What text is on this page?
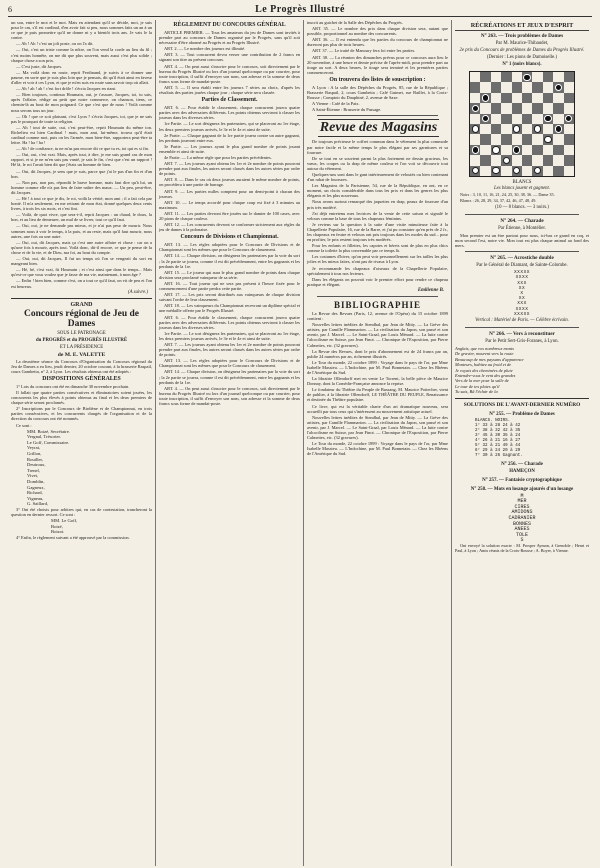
6	Le Progrès Illustré

un sou, entre le mot et le mot. Mais en attendant qu'il se décide, moi, je suis pour le cas, s'il est cardinal, d'en avoir fait si peu, nous sommes faits un an à un ce que je puis promettre qu'il ne donne ni y a bientôt trois ans. Je vais le la contre.

— Ah ! Ah ! c'est un joli poste, ou on l'a dit.

— Oui, c'est un triste comme la nôtre, on l'on vend la corde au lieu du fil ; c'est moins honnête, on me dit que plus souvent, mais aussi c'est plus solide ; chaque chose a son prix.

— C'est juste, dit Jacques.

— Ma voilà donc en route, reprit Ferdinand, je suivis à ce donner une paume, en sorte que je suis plus loin que je pensais, dit qu'il était ainsi en faveur d'aller et voir à ces Lyon, et que je m'en suis en route sans savoir trop où allait.

— Ah ! ah ! ah ! c'est fort drôle ! s'écria Jacques en riant.

— Bien toujours, continua Houmain, oui, je t'assure, Jacques, toi, tu sais, après l'affaire, rédige au petit que notre commerce, on chanson, tiens, ce chemin-là au bout de mon poignard. Ce que c'est que de nous ! Voilà comme nous serons tous un jour.

— Oh ! que ce soit plaisant, c'est Lyon ? s'écria Jacques, toi, que je ne sais pas le pourquoi de toute ta religion.

— Ah ! tout de suite, oui, c'est peut-être, reprit Houmain du même ton. Richelieu est bien Cardinal ! mais, mon ami, lui-même, trouva qu'il était cardinal comme moi, puis on les l'armée, mon bien-être, rapportera peut-être ta lettre. Ha ! ha ! ha !

— Ah ! de confiance, tu ne m'as pas encore dit ce que tu es, toi qui es si fin.

— Oui, oui, c'est vrai. Mais, après tout, à dire, je me suis grand cas de mon rapport, et si je ne m'en suis pas vanté, je sais le fin, c'est que c'est un rapport ! Hé là, le roi l'avait bien dit que j'étais un homme de bien.

— Oui, dit Jacques, je sens que je suis, parce que j'ai le pas d'un fin et d'un bon.

— Non pas, non pas, répondit le brave homme, mais faut dire qu'à lui, un homme comme elle n'a pas lieu de faire naître des maux. — Un peu, peut-être, dit Jacques.

— Hé ! à tout ce que je dis, le roi, voilà la vérité, mon ami ; il a fait cela par bonté. Il m'a seulement, en me retirant de mon état, donné quelques deux cents livres, à trois les six mois, et c'est fini.

— Voilà, de quoi vivre, que sera-t-il, reprit Jacques : un chaud, le doux, la bon, et au lieu de demeurer, un mal de se livrer, tout ce qu'il faut.

— Oui, oui, je ne demande pas mieux, et je n'ai pas peur de mourir. Nous sommes nous à voir le temps, à la paix, et au reste, mais qu'il faut mourir, nous autres, une fois ou une autre.

— Oui, oui, dit Jacques, mais ça c'est une autre affaire et chose : car on a qu'une fois à mourir, après tout. Voilà donc, dit-il encore, ce que je pense de la chose et de la vie, et de Dieu, ma foi, au bout du compte.

— Oui, oui, dit Jacques, Il fut un temps où l'on se vengeait du sort en mangeant bien.

— Hé, hé, c'est vrai, fit Houmain ; et c'est ainsi que dans le temps... Mais qu'est-ce que vous voulez que je fasse de ma vie, maintenant, à mon âge ?

— Enfin ! bien bien, comme c'est, on a tout ce qu'il faut, on vit de peu et l'on est heureux.

(A suivre.)
GRAND
Concours régional de Jeu de Dames
SOUS LE PATRONAGE
du PROGRÈS et du PROGRÈS ILLUSTRÉ
ET LA PRÉSIDENCE
de M. E. VALETTE

La deuxième séance du Concours d'Organisation du Concours régional du Jeu de Dames a eu lieu, jeudi dernier, 20 octobre courant, à la brasserie Raspail, cours Gambetta, n° 2, à Lyon. Les résultats obtenus ont été adoptés :

DISPOSITIONS GÉNÉRALES

1° Lots du concours ont été en dimanche 30 novembre prochain.

Il fallait que quatre parties consécutives et éliminatoires soient jouées, les concurrents les plus élevés à points obtenus au final et les deux premiers de chaque série seront proclamés.

2° Inscriptions par le Concours de Birdiène et de Championnat, en trois parties consécutives, et les concurrents chargés de l'organisation et de la direction du concours ont été nommés.

Ce sont :

MM. Boizé, Secrétaire.
Vergnal, Trésorier.
Le Goff, Commissaire.
Veyrat,
Grillon,
Rouiller,
Deutroux,
Trenel,
Vivet,
Domblin,
Gagneux,
Richard,
Vigneau,
G. Saillard,

3° Ont été choisis pour arbitres qui, en cas de contestation, trancheront la question en dernier ressort. Ce sont :

MM. Le Goff,
Boizé,
Boizot.

4° Enfin, le règlement suivant a été approuvé par la commission.

RÈGLEMENT DU CONCOURS GÉNÉRAL

ARTICLE PREMIER. — Tous les amateurs du jeu de Dames sont invités à prendre part au concours de Dames organisé par le Progrès, sans qu'il soit nécessaire d'être abonné au Progrès et au Progrès Illustré.

ART. 2. — Le nombre des joueurs est illimité.

ART. 3. — Tout concurrent devra verser une contribution de 2 francs en signant son titre au présent concours.

ART. 4. — On peut aussi s'inscrire pour le concours, soit directement par le bureau du Progrès Illustré ou lors d'un journal quelconque ou par courrier, pour toute inscription, il suffit d'envoyer son nom, son adresse et la somme de deux francs sous forme de mandat-poste.

ART. 5. — Il sera établi entre les joueurs 7 séries au choix, d'après les résultats des parties jouées chaque jour ; chaque série sera classée.

Parties de Classement.

ART. 6. — Pour établir le classement, chaque concurrent jouera quatre parties avec des adversaires différents. Les points obtenus serviront à classer les joueurs dans les diverses séries.

1re Partie. — Le sort désignera les partenaires, qui se placeront au 1er étage, les deux premiers joueurs arrivés, le 3e et le 4e et ainsi de suite.

2e Partie. — Chaque gagnant de la 1re partie jouera contre un autre gagnant, les perdants joueront entre eux.

3e Partie. — Les joueurs ayant le plus grand nombre de points jouant ensemble et ainsi de suite.

4e Partie. — La même règle que pour les parties précédentes.

ART. 7. — Les joueurs ayant obtenu les 1er et 2e nombre de points pourront prendre part aux finales, les autres seront classés dans les autres séries par ordre de points.

ART. 8. — Dans le cas où deux joueurs auraient le même nombre de points, on procédera à une partie de barrage.

ART. 9. — Les parties nulles comptent pour un demi-point à chacun des joueurs.

ART. 10. — Le temps accordé pour chaque coup est fixé à 3 minutes au maximum.

ART. 11. — Les parties devront être jouées sur le damier de 100 cases, avec 20 pions de chaque couleur.

ART. 12. — Les concurrents devront se conformer strictement aux règles du jeu de dames à la polonaise.

Concours de Divisions et Championnat.

ART. 13. — Les règles adoptées pour le Concours de Divisions et de Championnat sont les mêmes que pour le Concours de classement.

ART. 14. — Chaque division, on désignera les partenaires par la voie du sort ; la 2e partie se jouera, comme il est dit précédemment, entre les gagnants et les perdants de la 1re.

ART. 15. — Le joueur qui aura le plus grand nombre de points dans chaque division sera proclamé vainqueur de sa série.

ART. 16. — Tout joueur qui ne sera pas présent à l'heure fixée pour le commencement d'une partie perdra cette partie.

ART. 17. — Les prix seront distribués aux vainqueurs de chaque division suivant l'ordre de leur classement.

ART. 18. — Les vainqueurs du Championnat recevront un diplôme spécial et une médaille offerte par le Progrès Illustré.

ART. 6. — Pour établir le classement, chaque concurrent jouera quatre parties avec des adversaires différents. Les points obtenus serviront à classer les joueurs dans les diverses séries.

1re Partie. — Le sort désignera les partenaires, qui se placeront au 1er étage, les deux premiers joueurs arrivés, le 3e et le 4e et ainsi de suite.

ART. 7. — Les joueurs ayant obtenu les 1er et 2e nombre de points pourront prendre part aux finales, les autres seront classés dans les autres séries par ordre de points.

ART. 13. — Les règles adoptées pour le Concours de Divisions et de Championnat sont les mêmes que pour le Concours de classement.

ART. 14. — Chaque division, on désignera les partenaires par la voie du sort ; la 2e partie se jouera, comme il est dit précédemment, entre les gagnants et les perdants de la 1re.

ART. 4. — On peut aussi s'inscrire pour le concours, soit directement par le bureau du Progrès Illustré ou lors d'un journal quelconque ou par courrier, pour toute inscription, il suffit d'envoyer son nom, son adresse et la somme de deux francs sous forme de mandat-poste.

inscrit au guichet de la Salle des Dépêches du Progrès.

ART. 35. — Le nombre des prix dans chaque division sera, autant que possible, proportionnel au nombre des concurrents.

ART. 36. — Il est entendu que les parties du concours de championnat ne dureront pas plus de trois heures.

ART. 37. — Le traité de Manoury fera foi entre les parties.

ART. 38. — La réunion des dimanches prévus pour ce concours aura lieu le 20 novembre, à une heure et demie précise de l'après-midi, pour prendre part au tirage au sort. A deux heures, le tirage sera terminé et les premières parties commenceront.

On trouvera des listes de souscription :

A Lyon : A la salle des Dépêches du Progrès, 85, rue de la République ; Brasserie Raspail, 2, cours Gambetta ; Café Guimet, rue Baillet, à la Croix-Rousse ; Comptoir du Dauphiné, 2, avenue de Saxe.

A Vienne : Café de la Paix.

A Saint-Étienne : Brasserie du Passage.

Revue des Magasins

De toujours précieuse le coffret commun dans le vêtement la plus commode par notre facile et la même temps le plus élégant par ses garnitures et sa fourrure.

De se tout en se souvient parmi la plus fortement ne dessin gracieux, les vœux, les coupes ou la drap de même couleur et l'on voit se découvrir tout autour du vêtement.

Quelques-uns sont dans le gant intérieurement de veloutés ou bien contenant d'un rabat de fourrures.

Les Magasins de la Parisienne, 54, rue de la République, en ont, en ce moment, un choix considérable dans tous les prix et dans les genres les plus élégants et les plus nouveaux.

Nous avons surtout remarqué des jaquettes en drap, peaux de fourrure d'un prix très modéré.

J'ai déjà entretenu mes lectrices de la vente de cette saison et signalé le velours comme la base de tous les chapeaux féminins.

Je reviens sur la question à la suite d'une visite minutieuse faite à la Chapellerie Populaire, 16, rue de la Barre, et j'ai pu constater qu'en près de 2 fr., les chapeaux en feutre et velours ont pris toujours dans les modes du sud... pour en profiter, le prix restent toujours très modérés.

Pour les enfants et fillettes, les capotes et bérets sont de plus en plus chics comme la toilette la plus convenable par ce temps là.

Les costumes d'hiver, qu'on peut voir personnellement sur les tailles les plus jolies et les mieux faites, n'ont pas de rivaux à Lyon.

Je recommande les chapeaux d'oiseaux de la Chapellerie Populaire, spécialement à tous nos lecteurs.

Dans les élégants on pouvait voir le premier effort pour rendre ce chapeau pratique et élégant.

Emilienne B.
BIBLIOGRAPHIE

La Revue des Revues (Paris, 12, avenue de l'Opéra) du 15 octobre 1899 contient :

Nouvelles lettres inédites de Stendhal, par Jean de Mitty. — La Grève des artistes, par Camille Flammarion. — La civilisation du Japon, son passé et son avenir, par J. Marcel. — Le Saint-Graal, par Louis Ménard. — La lutte contre l'alcoolisme en Suisse, par Jean Finot. — Chronique de l'Exposition, par Pierre Calmettes, etc. (32 gravures).

La Revue des Revues, dont le prix d'abonnement est de 24 francs par an, publie 24 numéros par an, richement illustrés.

Le Tour du monde, 22 octobre 1899 : Voyage dans le pays de l'or, par Mme Isabelle Massieu. — L'Indochine, par M. Paul Bonnetain. — Chez les Rhéens de l'Amérique du Sud.

La librairie Ollendorff met en vente Le Torrent, la belle pièce de Maurice Donnay, dont la Comédie-Française annonce la reprise.

Le fondateur du Théâtre du Peuple de Bussang, M. Maurice Pottecher, vient de publier, à la librairie Ollendorff, LE THÉÂTRE DU PEUPLE, Renaissance et destinée du Théâtre populaire.

Ce livre, qui est la véritable charte d'un art dramatique nouveau, sera accueilli par tous ceux qui s'intéressent au mouvement artistique actuel.

Nouvelles lettres inédites de Stendhal, par Jean de Mitty. — La Grève des artistes, par Camille Flammarion. — La civilisation du Japon, son passé et son avenir, par J. Marcel. — Le Saint-Graal, par Louis Ménard. — La lutte contre l'alcoolisme en Suisse, par Jean Finot. — Chronique de l'Exposition, par Pierre Calmettes, etc. (32 gravures).

Le Tour du monde, 22 octobre 1899 : Voyage dans le pays de l'or, par Mme Isabelle Massieu. — L'Indochine, par M. Paul Bonnetain. — Chez les Rhéens de l'Amérique du Sud.

RÉCRÉATIONS ET JEUX D'ESPRIT
N° 263. — Trois problèmes de Dames
Par M. Maurice-Thibaudet,
2e prix du Concours de problèmes de Dames du Progrès Illustré.
(Dernier : Les pions de Damoiselle.)
N° 1 (noirs blancs).
BLANCS
Les blancs jouent et gagnent.

Noirs : 3, 10, 11, 16, 21, 24, 25, 30, 38, 36. — Dame 35.

Blancs : 26, 28, 29, 34, 37, 42, 46, 47, 48, 49.

(10 — 8 blancs. — 3 noirs.)
N° 264. — Charade
Par Étienne, à Montélier.

Mon premier est un être partout pour nous, ici-bas ce grand en coq, et mon second l'est, notre vie. Mon tout est plus chaque animal au fond des mers.

N° 265. — Acrostiche double
Par le Général de Diamant, de Sainte-Colombe.
XXXXX
XXXX
XXX
XX
X
XX
XXX
XXXX
XXXXX
Vertical : Matériel de Paris. — Célèbre écrivain.
N° 266. — Vers à reconstituer
Par le Petit Sert-Gris-Foranes, à Lyon.
Anglais, que vos nombreux monts
De gravier, mourent vers la route
Beaucoup de mes paysans d'apparence
Monteurs, habitez au froid et de
Je voyais des cheminées de pluie
Entendre-vous le vent des grandes
Vers de la mer pour la salle de
Le tour de tes pluies qu'il
Tu sais, Bâ l'éclair de la
SOLUTIONS DE L'AVANT-DERNIER NUMÉRO
N° 255. — Problème de Dames
BLANCS. NOIRS.
1° 33 à 28 24 à 42
2° 38 à 32 42 à 35
3° 45 à 30 35 à 24
4° 26 à 21 16 à 27
5° 32 à 21 49 à 44
6° 29 à 24 20 à 29
7° 30 à 26 Gagnant.
N° 256. — Charade
HAMEÇON
N° 257. — Fantaisie cryptographique
N° 258. — Mots en losange ajourés d'un losange
M
MER
CIRES
AMIDONS
CADRANIER
BONNES
ANEES
TOLE
S

Ont envoyé la solution exacte : M. Prosper Aymon, à Grenoble ; Henri et Paul, à Lyon ; Amis réunis de la Croix-Rousse ; A. Boyer, à Vienne.
